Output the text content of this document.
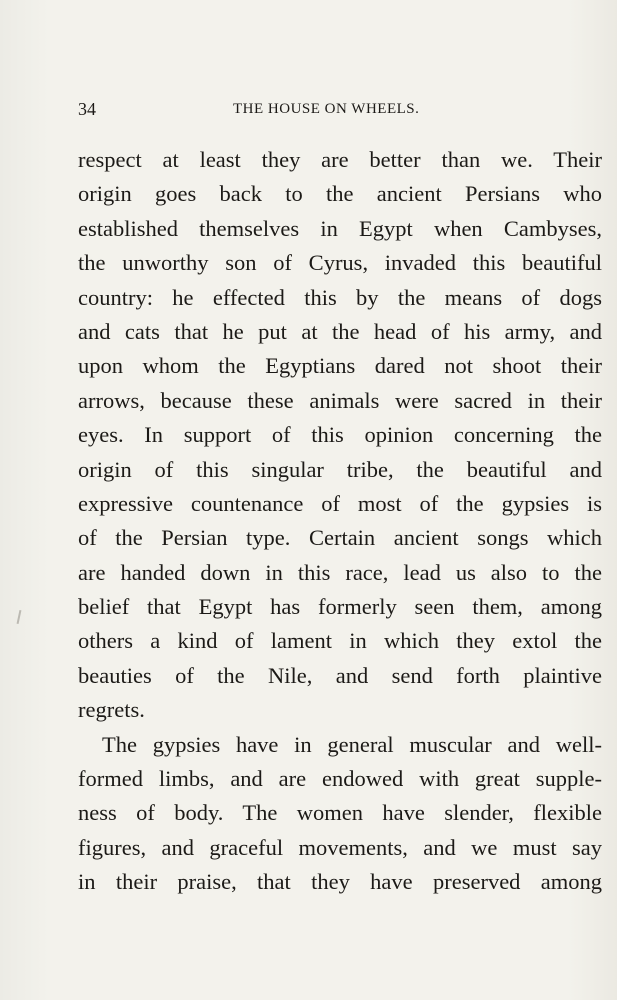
34	THE HOUSE ON WHEELS.
respect at least they are better than we. Their
origin goes back to the ancient Persians who
established themselves in Egypt when Cambyses,
the unworthy son of Cyrus, invaded this beautiful
country: he effected this by the means of dogs
and cats that he put at the head of his army, and
upon whom the Egyptians dared not shoot their
arrows, because these animals were sacred in their
eyes. In support of this opinion concerning the
origin of this singular tribe, the beautiful and
expressive countenance of most of the gypsies is
of the Persian type. Certain ancient songs which
are handed down in this race, lead us also to the
belief that Egypt has formerly seen them, among
others a kind of lament in which they extol the
beauties of the Nile, and send forth plaintive
regrets.
The gypsies have in general muscular and well-
formed limbs, and are endowed with great supple-
ness of body. The women have slender, flexible
figures, and graceful movements, and we must say
in their praise, that they have preserved among
